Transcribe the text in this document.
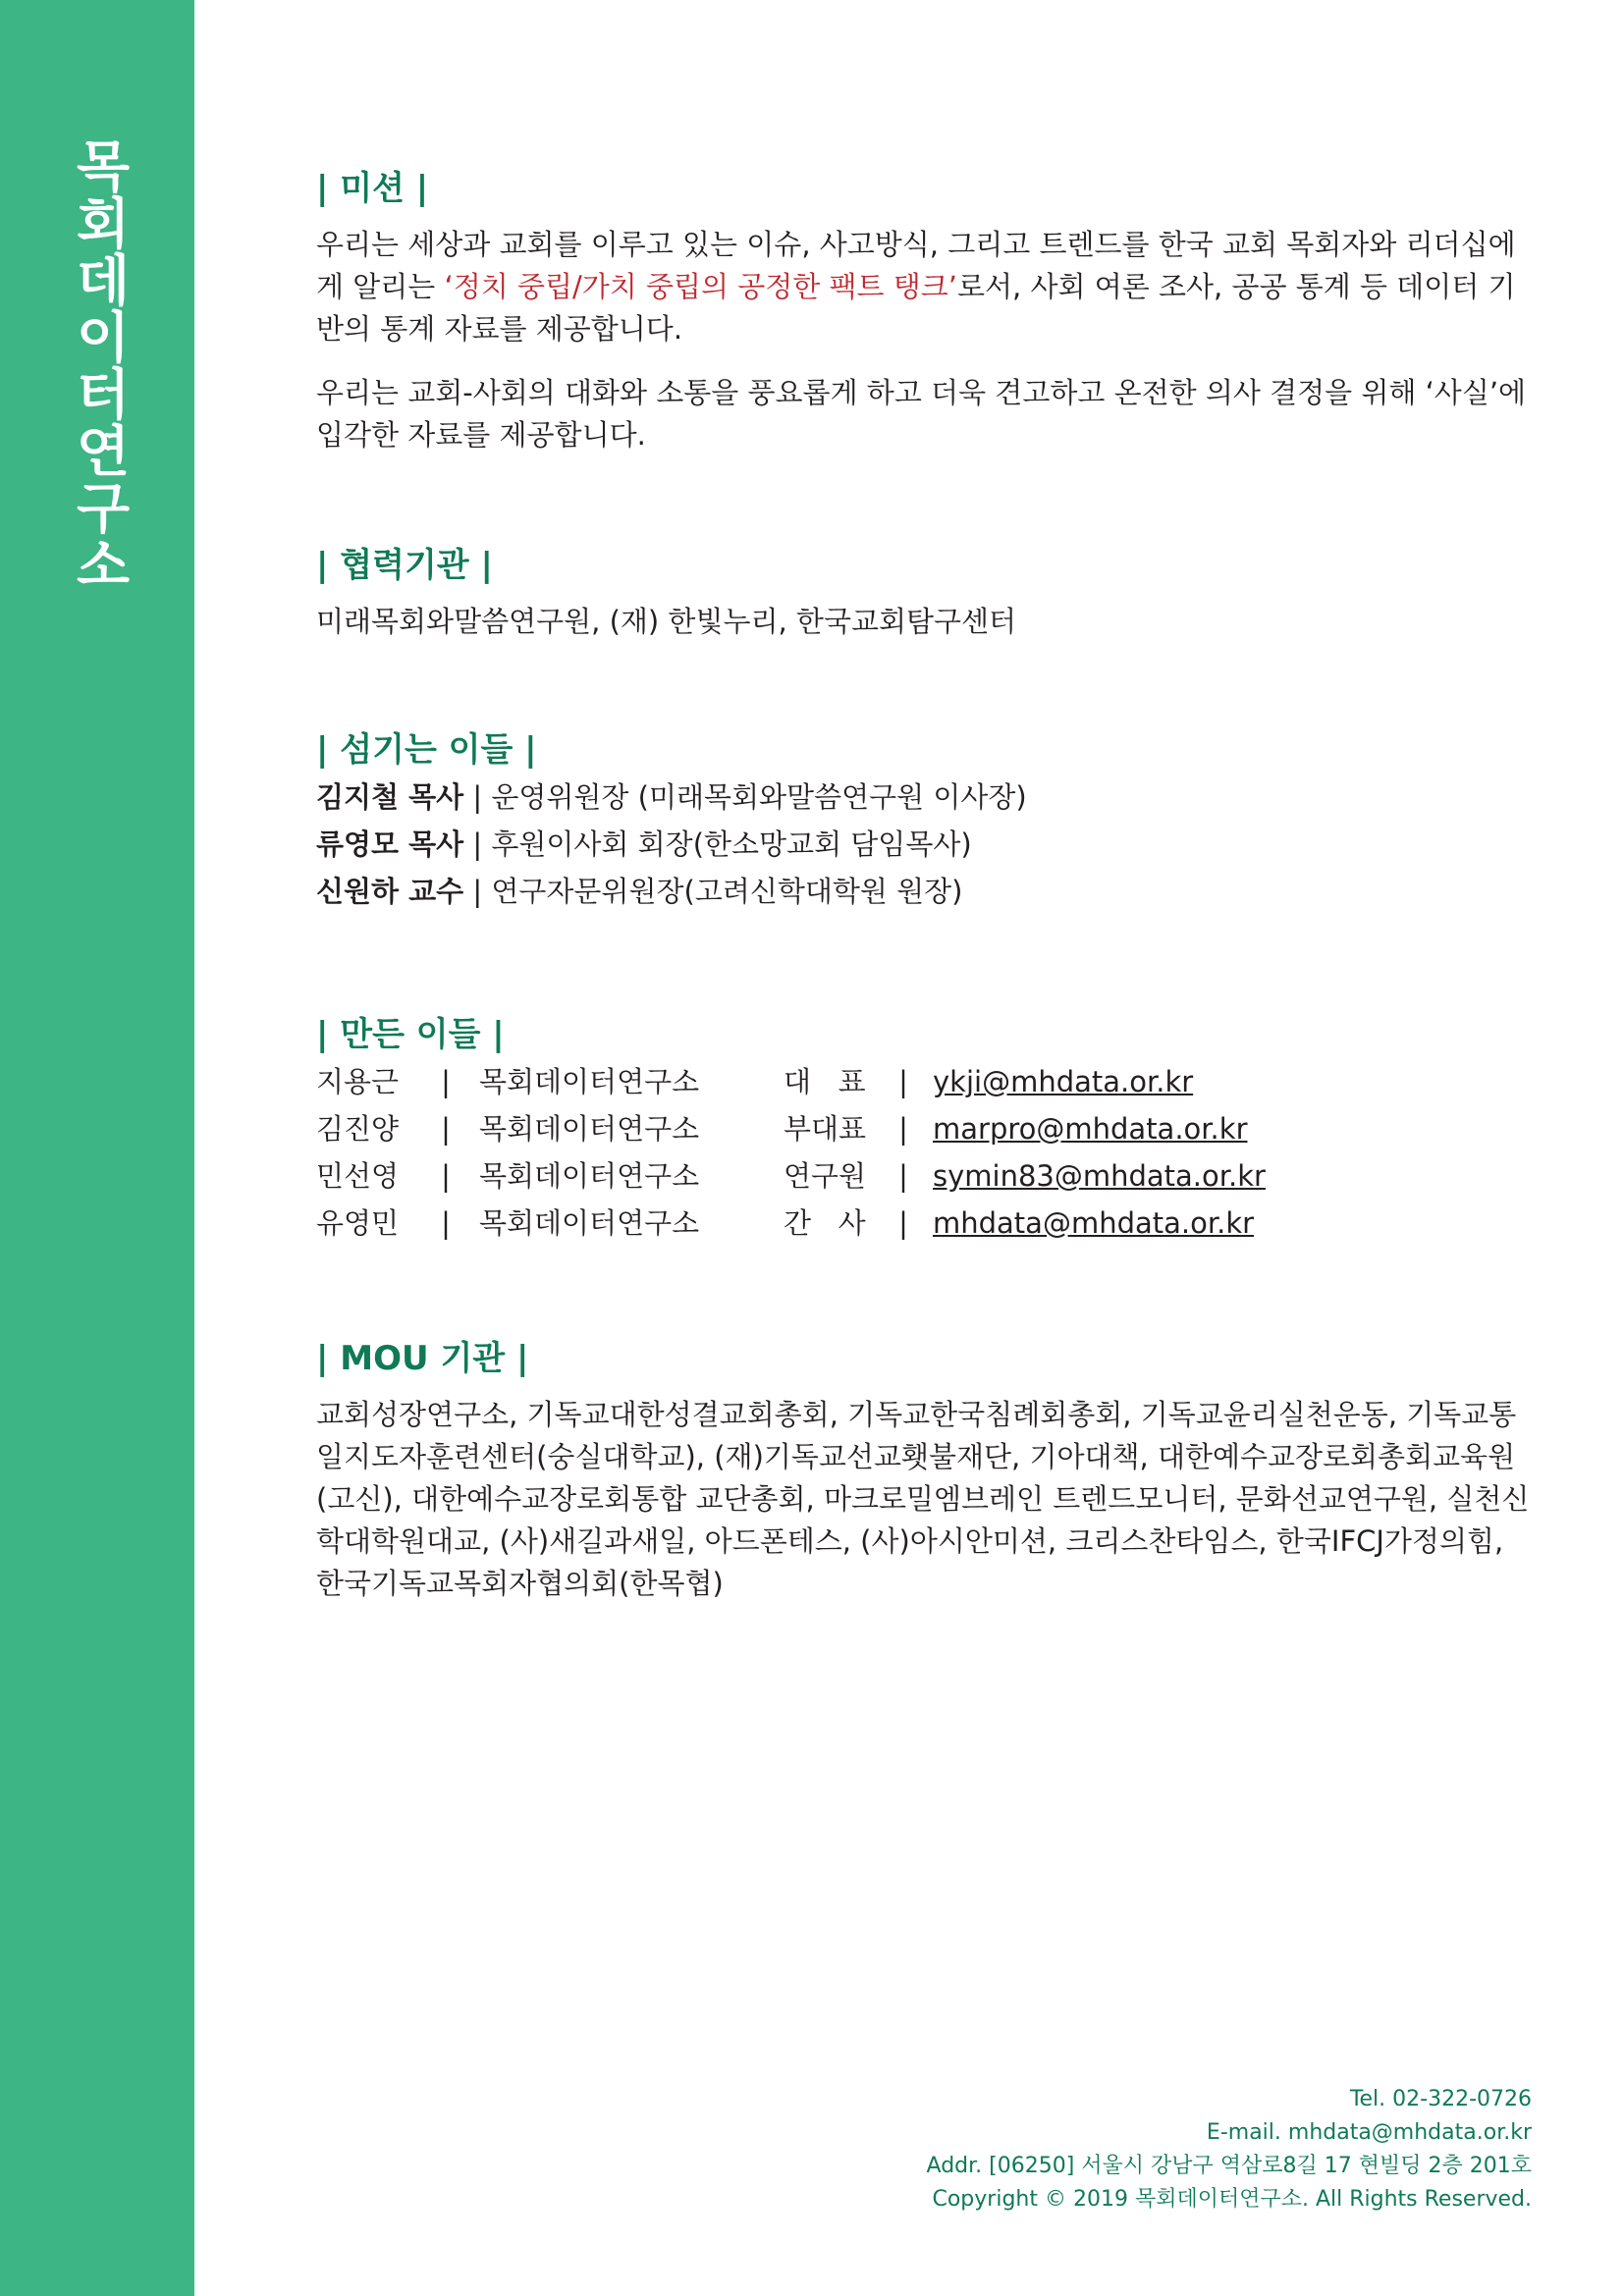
목회데이터연구소	| 미션 |

우리는 세상과 교회를 이루고 있는 이슈, 사고방식, 그리고 트렌드를 한국 교회 목회자와 리더십에게 알리는 ‘정치 중립/가치 중립의 공정한 팩트 탱크’로서, 사회 여론 조사, 공공 통계 등 데이터 기반의 통계 자료를 제공합니다.

우리는 교회-사회의 대화와 소통을 풍요롭게 하고 더욱 견고하고 온전한 의사 결정을 위해 ‘사실’에 입각한 자료를 제공합니다.

| 협력기관 |

미래목회와말씀연구원, (재) 한빛누리, 한국교회탐구센터

| 섬기는 이들 |
김지철 목사 | 운영위원장 (미래목회와말씀연구원 이사장)
류영모 목사 | 후원이사회 회장(한소망교회 담임목사)
신원하 교수 | 연구자문위원장(고려신학대학원 원장)
| 만든 이들 |
지용근	|	목회데이터연구소	대   표	| ykji@mhdata.or.kr
김진양	|	목회데이터연구소	부대표	| marpro@mhdata.or.kr
민선영	|	목회데이터연구소	연구원	| symin83@mhdata.or.kr
유영민	|	목회데이터연구소	간   사	| mhdata@mhdata.or.kr
| MOU 기관 |

교회성장연구소, 기독교대한성결교회총회, 기독교한국침례회총회, 기독교윤리실천운동, 기독교통일지도자훈련센터(숭실대학교), (재)기독교선교횃불재단, 기아대책, 대한예수교장로회총회교육원(고신), 대한예수교장로회통합 교단총회, 마크로밀엠브레인 트렌드모니터, 문화선교연구원, 실천신학대학원대교, (사)새길과새일, 아드폰테스, (사)아시안미션, 크리스찬타임스, 한국IFCJ가정의힘, 한국기독교목회자협의회(한목협)

Tel. 02-322-0726
E-mail. mhdata@mhdata.or.kr
Addr. [06250] 서울시 강남구 역삼로8길 17 현빌딩 2층 201호
Copyright © 2019 목회데이터연구소. All Rights Reserved.
